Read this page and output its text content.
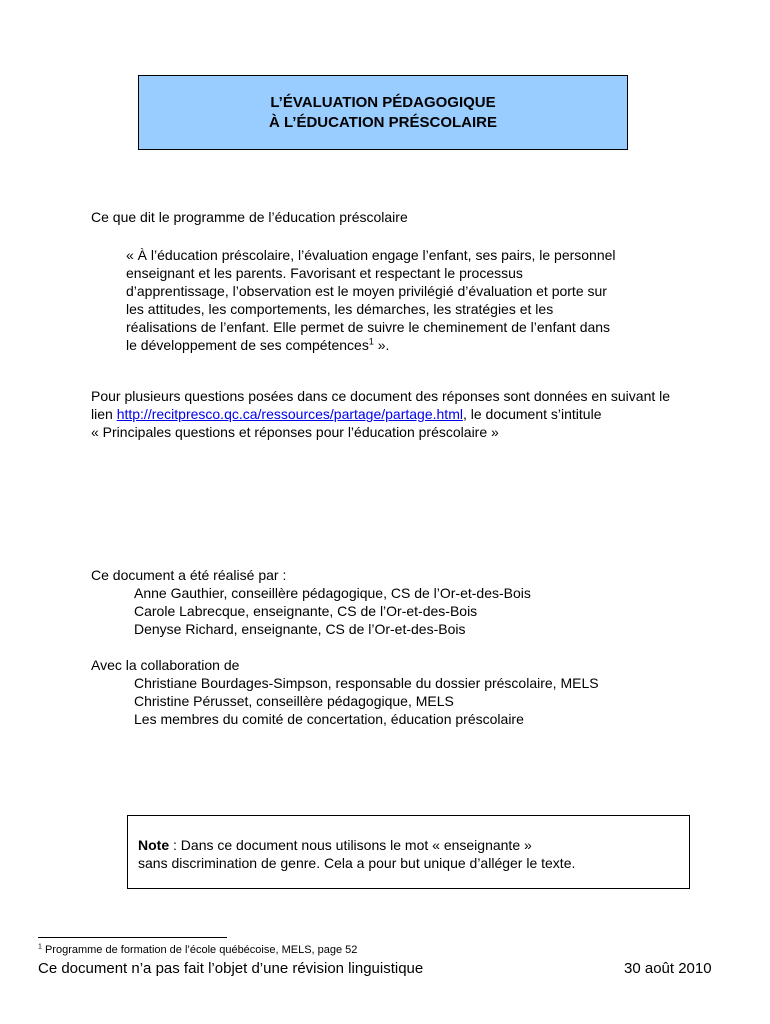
L’ÉVALUATION PÉDAGOGIQUE
À L’ÉDUCATION PRÉSCOLAIRE
Ce que dit le programme de l’éducation préscolaire
« À l’éducation préscolaire, l’évaluation engage l’enfant, ses pairs, le personnel
enseignant et les parents. Favorisant et respectant le processus
d’apprentissage, l’observation est le moyen privilégié d’évaluation et porte sur
les attitudes, les comportements, les démarches, les stratégies et les
réalisations de l’enfant. Elle permet de suivre le cheminement de l’enfant dans
le développement de ses compétences$^1$ ».
Pour plusieurs questions posées dans ce document des réponses sont données en suivant le
lien http://recitpresco.qc.ca/ressources/partage/partage.html, le document s’intitule
« Principales questions et réponses pour l’éducation préscolaire »
Ce document a été réalisé par :
Anne Gauthier, conseillère pédagogique, CS de l’Or-et-des-Bois
Carole Labrecque, enseignante, CS de l’Or-et-des-Bois
Denyse Richard, enseignante, CS de l’Or-et-des-Bois
Avec la collaboration de
Christiane Bourdages-Simpson, responsable du dossier préscolaire, MELS
Christine Pérusset, conseillère pédagogique, MELS
Les membres du comité de concertation, éducation préscolaire
Note : Dans ce document nous utilisons le mot « enseignante »
sans discrimination de genre. Cela a pour but unique d’alléger le texte.
$^1$ Programme de formation de l’école québécoise, MELS, page 52
Ce document n’a pas fait l’objet d’une révision linguistique	30 août 2010
